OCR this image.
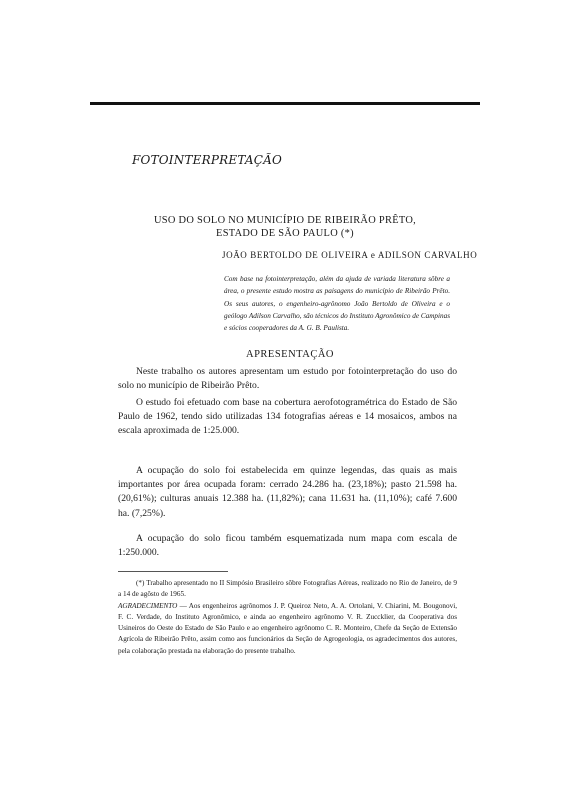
FOTOINTERPRETAÇÃO
USO DO SOLO NO MUNICÍPIO DE RIBEIRÃO PRÊTO,
ESTADO DE SÃO PAULO (*)
JOÃO BERTOLDO DE OLIVEIRA e ADILSON CARVALHO
Com base na fotointerpretação, além da ajuda de variada literatura sôbre a área, o presente estudo mostra as paisagens do município de Ribeirão Prêto. Os seus autores, o engenheiro-agrônomo João Bertoldo de Oliveira e o geólogo Adilson Carvalho, são técnicos do Instituto Agronômico de Campinas e sócios cooperadores da A. G. B. Paulista.
APRESENTAÇÃO

Neste trabalho os autores apresentam um estudo por fotointerpretação do uso do solo no município de Ribeirão Prêto.

O estudo foi efetuado com base na cobertura aerofotogramétrica do Estado de São Paulo de 1962, tendo sido utilizadas 134 fotografias aéreas e 14 mosaicos, ambos na escala aproximada de 1:25.000.

A ocupação do solo foi estabelecida em quinze legendas, das quais as mais importantes por área ocupada foram: cerrado 24.286 ha. (23,18%); pasto 21.598 ha. (20,61%); culturas anuais 12.388 ha. (11,82%); cana 11.631 ha. (11,10%); café 7.600 ha. (7,25%).

A ocupação do solo ficou também esquematizada num mapa com escala de 1:250.000.

(*) Trabalho apresentado no II Simpósio Brasileiro sôbre Fotografias Aéreas, realizado no Rio de Janeiro, de 9 a 14 de agôsto de 1965.

AGRADECIMENTO — Aos engenheiros agrônomos J. P. Queiroz Neto, A. A. Ortolani, V. Chiarini, M. Bougonovi, F. C. Verdade, do Instituto Agronômico, e ainda ao engenheiro agrônomo V. R. Zuccklier, da Cooperativa dos Usineiros do Oeste do Estado de São Paulo e ao engenheiro agrônomo C. R. Monteiro, Chefe da Seção de Extensão Agrícola de Ribeirão Prêto, assim como aos funcionários da Seção de Agrogeologia, os agradecimentos dos autores, pela colaboração prestada na elaboração do presente trabalho.
